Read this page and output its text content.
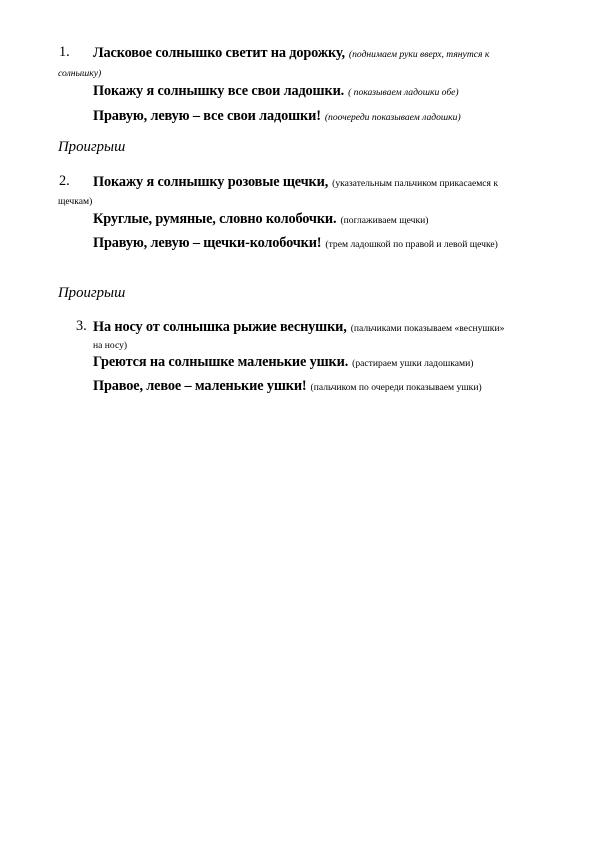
1. Ласковое солнышко светит на дорожку, (поднимаем руки вверх, тянутся к
солнышку)
Покажу я солнышку все свои ладошки. ( показываем ладошки обе)
Правую, левую – все свои ладошки! (поочереди показываем ладошки)
Проигрыш
2. Покажу я солнышку розовые щечки, (указательным пальчиком прикасаемся к
щечкам)
Круглые, румяные, словно колобочки. (поглаживаем щечки)
Правую, левую – щечки-колобочки! (трем ладошкой по правой и левой щечке)
Проигрыш
3. На носу от солнышка рыжие веснушки, (пальчиками показываем «веснушки»
на носу)
Греются на солнышке маленькие ушки. (растираем ушки ладошками)
Правое, левое – маленькие ушки! (пальчиком по очереди показываем ушки)
